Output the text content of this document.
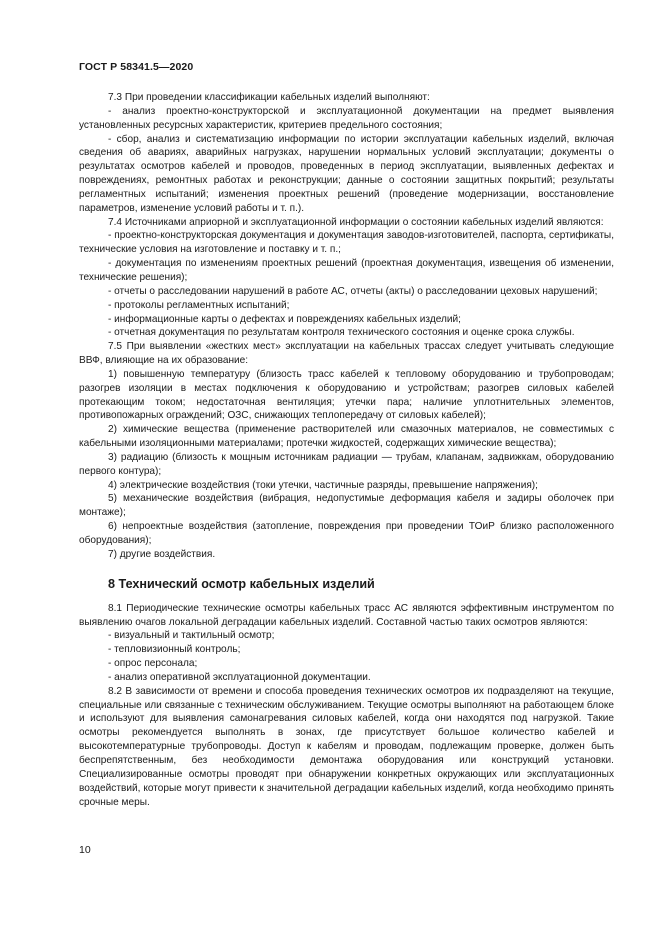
ГОСТ Р 58341.5—2020

7.3 При проведении классификации кабельных изделий выполняют:

- анализ проектно-конструкторской и эксплуатационной документации на предмет выявления установленных ресурсных характеристик, критериев предельного состояния;

- сбор, анализ и систематизацию информации по истории эксплуатации кабельных изделий, включая сведения об авариях, аварийных нагрузках, нарушении нормальных условий эксплуатации; документы о результатах осмотров кабелей и проводов, проведенных в период эксплуатации, выявленных дефектах и повреждениях, ремонтных работах и реконструкции; данные о состоянии защитных покрытий; результаты регламентных испытаний; изменения проектных решений (проведение модернизации, восстановление параметров, изменение условий работы и т. п.).

7.4 Источниками априорной и эксплуатационной информации о состоянии кабельных изделий являются:

- проектно-конструкторская документация и документация заводов-изготовителей, паспорта, сертификаты, технические условия на изготовление и поставку и т. п.;

- документация по изменениям проектных решений (проектная документация, извещения об изменении, технические решения);

- отчеты о расследовании нарушений в работе АС, отчеты (акты) о расследовании цеховых нарушений;

- протоколы регламентных испытаний;

- информационные карты о дефектах и повреждениях кабельных изделий;

- отчетная документация по результатам контроля технического состояния и оценке срока службы.

7.5 При выявлении «жестких мест» эксплуатации на кабельных трассах следует учитывать следующие ВВФ, влияющие на их образование:

1) повышенную температуру (близость трасс кабелей к тепловому оборудованию и трубопроводам; разогрев изоляции в местах подключения к оборудованию и устройствам; разогрев силовых кабелей протекающим током; недостаточная вентиляция; утечки пара; наличие уплотнительных элементов, противопожарных ограждений; ОЗС, снижающих теплопередачу от силовых кабелей);

2) химические вещества (применение растворителей или смазочных материалов, не совместимых с кабельными изоляционными материалами; протечки жидкостей, содержащих химические вещества);

3) радиацию (близость к мощным источникам радиации — трубам, клапанам, задвижкам, оборудованию первого контура);

4) электрические воздействия (токи утечки, частичные разряды, превышение напряжения);

5) механические воздействия (вибрация, недопустимые деформация кабеля и задиры оболочек при монтаже);

6) непроектные воздействия (затопление, повреждения при проведении ТОиР близко расположенного оборудования);

7) другие воздействия.

8 Технический осмотр кабельных изделий

8.1 Периодические технические осмотры кабельных трасс АС являются эффективным инструментом по выявлению очагов локальной деградации кабельных изделий. Составной частью таких осмотров являются:

- визуальный и тактильный осмотр;

- тепловизионный контроль;

- опрос персонала;

- анализ оперативной эксплуатационной документации.

8.2 В зависимости от времени и способа проведения технических осмотров их подразделяют на текущие, специальные или связанные с техническим обслуживанием. Текущие осмотры выполняют на работающем блоке и используют для выявления самонагревания силовых кабелей, когда они находятся под нагрузкой. Такие осмотры рекомендуется выполнять в зонах, где присутствует большое количество кабелей и высокотемпературные трубопроводы. Доступ к кабелям и проводам, подлежащим проверке, должен быть беспрепятственным, без необходимости демонтажа оборудования или конструкций установки. Специализированные осмотры проводят при обнаружении конкретных окружающих или эксплуатационных воздействий, которые могут привести к значительной деградации кабельных изделий, когда необходимо принять срочные меры.

10
